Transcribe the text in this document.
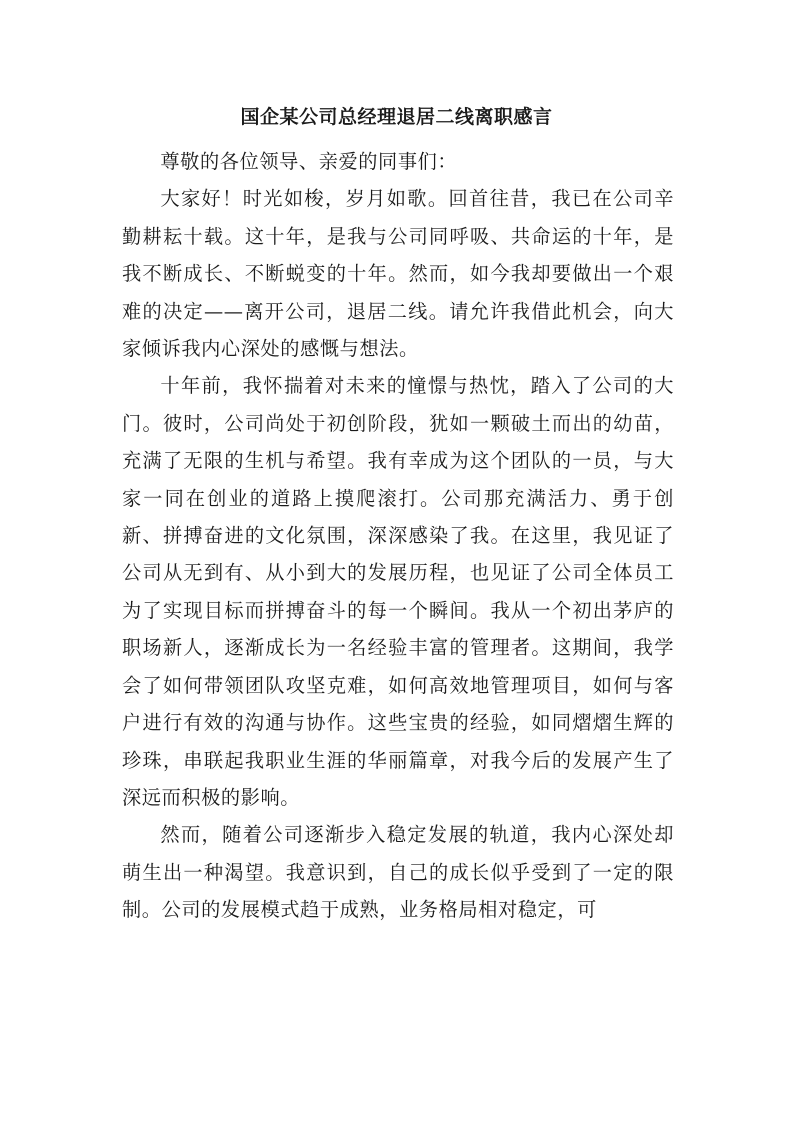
国企某公司总经理退居二线离职感言

尊敬的各位领导、亲爱的同事们：

大家好！时光如梭，岁月如歌。回首往昔，我已在公司辛勤耕耘十载。这十年，是我与公司同呼吸、共命运的十年，是我不断成长、不断蜕变的十年。然而，如今我却要做出一个艰难的决定——离开公司，退居二线。请允许我借此机会，向大家倾诉我内心深处的感慨与想法。

十年前，我怀揣着对未来的憧憬与热忱，踏入了公司的大门。彼时，公司尚处于初创阶段，犹如一颗破土而出的幼苗，充满了无限的生机与希望。我有幸成为这个团队的一员，与大家一同在创业的道路上摸爬滚打。公司那充满活力、勇于创新、拼搏奋进的文化氛围，深深感染了我。在这里，我见证了公司从无到有、从小到大的发展历程，也见证了公司全体员工为了实现目标而拼搏奋斗的每一个瞬间。我从一个初出茅庐的职场新人，逐渐成长为一名经验丰富的管理者。这期间，我学会了如何带领团队攻坚克难，如何高效地管理项目，如何与客户进行有效的沟通与协作。这些宝贵的经验，如同熠熠生辉的珍珠，串联起我职业生涯的华丽篇章，对我今后的发展产生了深远而积极的影响。

然而，随着公司逐渐步入稳定发展的轨道，我内心深处却萌生出一种渴望。我意识到，自己的成长似乎受到了一定的限制。公司的发展模式趋于成熟，业务格局相对稳定，可
